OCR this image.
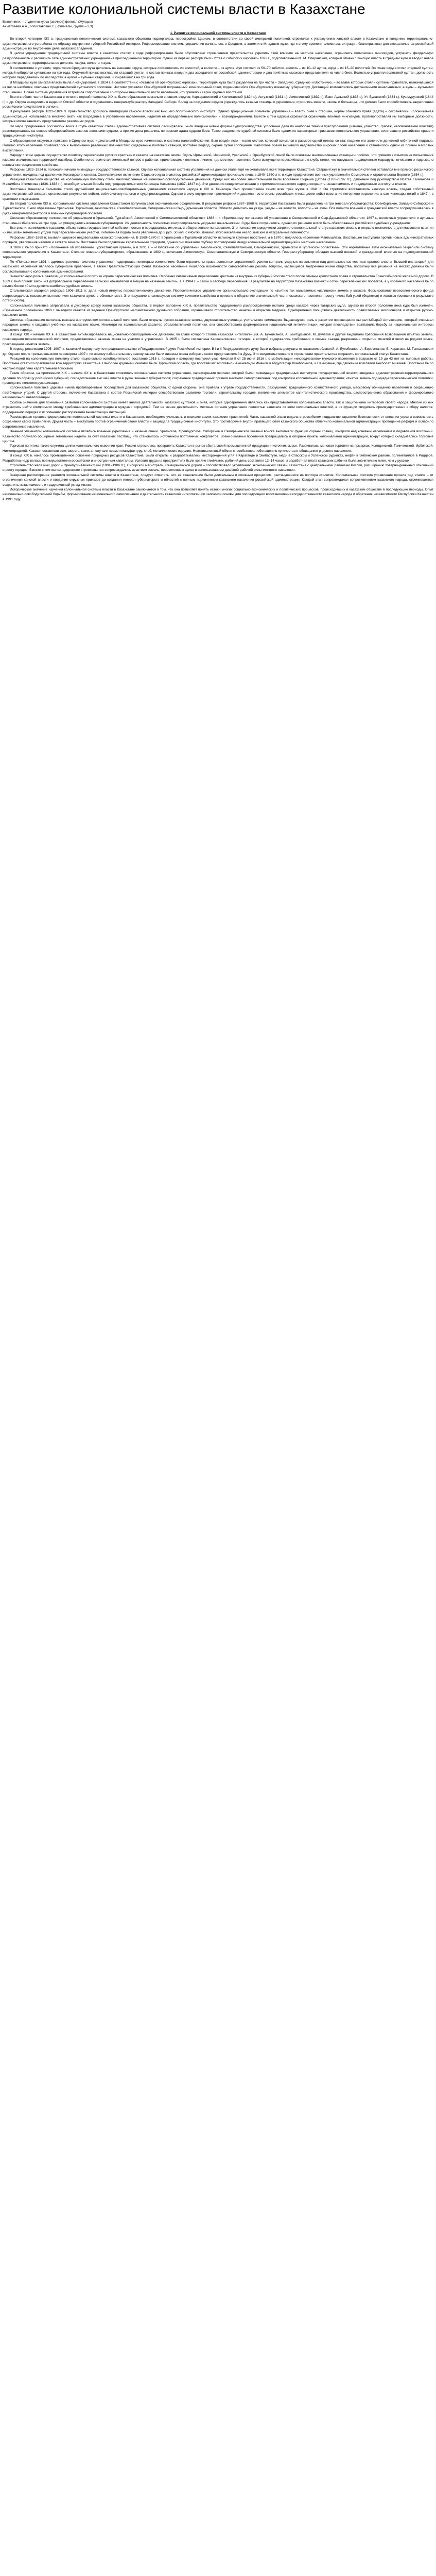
Развитие колониальной системы власти в Казахстане

Выполнили: – студентки курса (заочное) филиал (Жулдыз)

Ахметбаева А.А., сопоставлено с: ( филиалы, группа – 2,3)

1. Развитие колониальной системы власти в Казахстане

Во второй четверти XIX в. традиционная политическая система казахского общества подвергалась перестройке. Царизм, в соответствии со своей имперской политикой, стремился к упразднению ханской власти в Казахстане и введению территориально-административного устройства по образцу внутренних губерний Российской империи. Реформирование системы управления начиналось в Среднем, а затем и в Младшем жузе, где к этому времени сложилась ситуация, благоприятная для вмешательства российской администрации во внутренние дела казахских владений.

В целом упразднение традиционной системы власти в казахских степях в ходе реформирования было обусловлено стремлением правительства укрепить своё влияние на местное население, ограничить полномочия чингизидов, устранить феодальную раздробленность и расширить сеть административных учреждений на присоединённой территории. Одной из первых реформ был «Устав о сибирских киргизах» 1822 г., подготовленный М. М. Сперанским, который отменил ханскую власть в Среднем жузе и вводил новое административно-территориальное деление: округа, волости и аулы.

В соответствии с уставом, территория Среднего жуза делилась на внешние округа, которые составлялись из волостей, а волости – из аулов. Аул состоял из 50–70 кибиток, волость – из 10–12 аулов, округ – из 15–20 волостей. Во главе округа стоял старший султан, который избирался султанами на три года. Окружной приказ возглавлял старший султан, в состав приказа входили два заседателя от российской администрации и два почётных казахских представителя из числа биев. Волостью управлял волостной султан, должность которого передавалась по наследству, а аулом – аульный старшина, избиравшийся на три года.

В Младшем жузе ханская власть была ликвидирована в 1824 г. в соответствии с «Уставом об оренбургских киргизах». Территория жуза была разделена на три части – Западную, Среднюю и Восточную, – во главе которых стояли султаны-правители, назначавшиеся из числа наиболее лояльных представителей султанского сословия. Частями управлял Оренбургский пограничный комиссионный совет, подчинявшийся Оренбургскому военному губернатору. Дистанции возглавлялись дистаночными начальниками, а аулы – аульными старшинами. Новая система управления встретила сопротивление со стороны значительной части населения, что привело к серии крупных восстаний.

Всего в обоих частях Казахстана в течение первой половины XIX в. было образовано несколько внешних округов: Каркаралинский и Кокчетавский (1824 г.), Аягузский (1831 г.), Акмолинский (1832 г.), Баян-Аульский (1833 г.), Уч-Булакский (1834 г.), Кушмурунский (1844 г.) и др. Округа находились в ведении Омской области и подчинялись генерал-губернатору Западной Сибири. Вслед за созданием округов учреждались казачьи станицы и укрепления, строились мечети, школы и больницы, что должно было способствовать закреплению российского присутствия в регионе.

В результате реформ 1822–1824 гг. правительство добилось ликвидации ханской власти как высшего политического института. Однако традиционные элементы управления – власть биев и старшин, нормы обычного права (адата) – сохранялись. Колониальная администрация использовала местную знать как посредника в управлении населением, наделяя её определёнными полномочиями и вознаграждениями. Вместе с тем царизм стремился ограничить влияние чингизидов, противопоставляя им выборные должности, которые могли занимать представители различных родов.

По мере продвижения российских войск в глубь казахских степей административная система расширялась. Были введены новые формы судопроизводства: уголовные дела по наиболее тяжким преступлениям (измена, убийство, грабёж, неповиновение властям) рассматривались на основе общероссийских законов военными судами, а прочие дела решались по нормам адата судами биев. Такое разделение судебной системы было одним из характерных признаков колониального управления, сочетавшего российское право и традиционные институты.

С образованием окружных приказов в Среднем жузе и дистанций в Младшем жузе изменилась и система налогообложения. Был введён ясак – налог скотом, который взимался в размере одной головы со ста; позднее его заменили денежной кибиточной податью. Помимо этого население привлекалось к выполнению различных повинностей: содержанию почтовых станций, поставке подвод, охране путей сообщения. Налоговое бремя вызывало недовольство широких слоёв населения и становилось одной из причин массовых выступлений.

Наряду с этим царизм осуществлял политику переселения русских крестьян и казаков на казахские земли. Вдоль Иртышской, Ишимской, Уральской и Оренбургской линий были основаны многочисленные станицы и посёлки, что привело к изъятию из пользования казахов значительных территорий пастбищ. Особенно острым стал земельный вопрос в районах, прилегающих к военным линиям, где местное население было вынуждено перекочёвывать в глубь степи, что нарушало традиционные маршруты кочевания и подрывало основы скотоводческого хозяйства.

Реформы 1822–1824 гг. положили начало ликвидации государственности казахов. Однако колониальная система управления на данном этапе ещё не охватывала всей территории Казахстана: Старший жуз в значительной степени оставался вне прямого российского управления, находясь под давлением Кокандского ханства. Окончательное включение Старшего жуза в систему российской администрации произошло лишь в 1840–1860-х гг. в ходе продвижения военных укреплений к Семиречью и строительства Верного (1854 г.).

Реакцией казахского общества на колониальную политику стали многочисленные национально-освободительные движения. Среди них наиболее значительными были восстание Сырыма Датова (1783–1797 гг.), движение под руководством Исатая Тайманова и Махамбета Утемисова (1836–1838 гг.), освободительная борьба под предводительством Кенесары Касымова (1837–1847 гг.). Эти движения свидетельствовали о стремлении казахского народа сохранить независимость и традиционные институты власти.

Восстание Кенесары Касымова стало крупнейшим национально-освободительным движением казахского народа в XIX в. Кенесары был провозглашён ханом всех трёх жузов в 1841 г. Он стремился восстановить ханскую власть, создал собственный административный аппарат, организовал регулярное войско, ввёл систему налогов и судопроизводства. Однако в силу внутренних противоречий и давления со стороны российских и кокандских войск восстание потерпело поражение, а сам Кенесары погиб в 1847 г. в сражении с кыргызами.

Во второй половине XIX в. колониальная система управления Казахстаном получила своё окончательное оформление. В результате реформ 1867–1868 гг. территория Казахстана была разделена на три генерал-губернаторства: Оренбургское, Западно-Сибирское и Туркестанское. Были образованы Уральская, Тургайская, Акмолинская, Семипалатинская, Семиреченская и Сыр-Дарьинская области. Области делились на уезды, уезды – на волости, волости – на аулы. Вся полнота военной и гражданской власти сосредоточивалась в руках генерал-губернаторов и военных губернаторов областей.

Согласно «Временному положению об управлении в Уральской, Тургайской, Акмолинской и Семипалатинской областях» 1868 г. и «Временному положению об управлении в Семиреченской и Сыр-Дарьинской областях» 1867 г., волостные управители и аульные старшины избирались на три года, но утверждались военным губернатором. Их деятельность полностью контролировалась уездными начальниками. Суды биев сохранялись, однако их решения могли быть обжалованы в российских судебных учреждениях.

Все земли, занимаемые казахами, объявлялись государственной собственностью и передавались им лишь в общественное пользование. Это положение юридически закрепило колониальный статус казахских земель и открыло возможность для массового изъятия «излишков» земельных угодий под переселенческие участки. Кибиточная подать была увеличена до 3 руб. 50 коп. с кибитки, помимо этого население несло земские и натуральные повинности.

Реформы 1867–1868 гг. вызвали широкое недовольство казахского населения. В 1869–1870 гг. в Уральской и Тургайской областях вспыхнули крупные восстания, а в 1870 г. поднялось население Мангышлака. Восставшие выступали против новых административных порядков, увеличения налогов и захвата земель. Восстания были подавлены карательными отрядами, однако они показали глубину противоречий между колониальной администрацией и местным населением.

В 1886 г. было принято «Положение об управлении Туркестанским краем», а в 1891 г. – «Положение об управлении Акмолинской, Семипалатинской, Семиреченской, Уральской и Тургайской областями». Эти нормативные акты окончательно закрепили систему колониального управления в Казахстане. Степное генерал-губернаторство, образованное в 1882 г., включало Акмолинскую, Семипалатинскую и Семиреченскую области. Генерал-губернатор обладал высшей военной и гражданской властью на подведомственной территории.

По «Положению» 1891 г. административная система управления подверглась некоторым изменениям: были ограничены права волостных управителей, усилен контроль уездных начальников над деятельностью местных органов власти. Высшей инстанцией для казахского населения являлось губернское правление, а также Правительствующий Сенат. Казахское население лишалось возможности самостоятельно решать вопросы, касающиеся внутренней жизни общества, поскольку все решения на местах должны были согласовываться с колониальной администрацией.

Значительную роль в реализации колониальной политики играла переселенческая политика. Особенно интенсивным переселение крестьян из внутренних губерний России стало после отмены крепостного права и строительства Транссибирской железной дороги. В 1889 г. был принят закон «О добровольном переселении сельских обывателей и мещан на казённые земли», а в 1904 г. – закон о свободе переселения. В результате на территории Казахстана возникли сотни переселенческих посёлков, а у коренного населения было изъято более 40 млн десятин наиболее удобных земель.

Столыпинская аграрная реформа 1906–1911 гг. дала новый импульс переселенческому движению. Переселенческое управление организовывало экспедиции по изъятию так называемых «излишков» земель у казахов. Формирование переселенческого фонда сопровождалось массовым вытеснением казахских аулов с обжитых мест. Это нарушило сложившуюся систему кочевого хозяйства и привело к обеднению значительной части казахского населения, росту числа байгушей (бедняков) и жатаков (осевших в результате потери скота).

Колониальная политика затрагивала и духовную сферу жизни казахского общества. В первой половине XIX в. правительство поддерживало распространение ислама среди казахов через татарских мулл, однако во второй половине века курс был изменён. «Временное положение» 1868 г. выводило казахов из ведения Оренбургского магометанского духовного собрания, ограничивало строительство мечетей и открытие медресе. Одновременно поощрялась деятельность православных миссионеров и открытие русско-казахских школ.

Система образования являлась важным инструментом колониальной политики. Были открыты русско-казахские школы, двухклассные училища, учительские семинарии. Выдающуюся роль в развитии просвещения сыграл Ыбырай Алтынсарин, который открывал народные школы и создавал учебники на казахском языке. Несмотря на колониальный характер образовательной политики, она способствовала формированию национальной интеллигенции, которая впоследствии возглавила борьбу за национальные интересы казахского народа.

В конце XIX – начале XX в. в Казахстане активизировалось национально-освободительное движение, во главе которого стояла казахская интеллигенция. А. Букейханов, А. Байтурсынов, М. Дулатов и другие выдвигали требования возвращения изъятых земель, прекращения переселенческой политики, предоставления казахам права на участие в управлении. В 1905 г. была составлена Каркаралинская петиция, в которой содержались требования о созыве съезда, разрешении открытия мечетей и школ на родном языке, прекращении изъятия земель.

В период революции 1905–1907 гг. казахский народ получил представительство в Государственной думе Российской империи. В I и II Государственную думу были избраны депутаты от казахских областей: А. Букейханов, А. Беремжанов, Б. Каратаев, М. Тынышпаев и др. Однако после третьеиюньского переворота 1907 г. по новому избирательному закону казахи были лишены права избирать своих представителей в Думу. Это свидетельствовало о стремлении правительства сохранить колониальный статус Казахстана.

Реакцией на колониальную политику стало национально-освободительное восстание 1916 г., поводом к которому послужил указ Николая II от 25 июня 1916 г. о мобилизации «инородческого» мужского населения в возрасте от 19 до 43 лет на тыловые работы. Восстание охватило практически всю территорию Казахстана. Наиболее крупными очагами были Тургайская область, где восставших возглавили Амангельды Иманов и Абдулгафар Жанбосынов, и Семиречье, где движение возглавил Бекболат Ашекеев. Восстание было жестоко подавлено карательными войсками.

Таким образом, на протяжении XIX – начала XX в. в Казахстане сложилась колониальная система управления, характерными чертами которой были: ликвидация традиционных институтов государственной власти; введение административно-территориального деления по образцу российских губерний; сосредоточение высшей власти в руках военных губернаторов; сохранение традиционных органов местного самоуправления под контролем колониальной администрации; изъятие земель под нужды переселенческой политики; проведение политики русификации.

Колониальная политика царизма имела противоречивые последствия для казахского общества. С одной стороны, она привела к утрате государственности, разрушению традиционного хозяйственного уклада, массовому обнищанию населения и сокращению пастбищных угодий. С другой стороны, включение Казахстана в состав Российской империи способствовало развитию торговли, строительству городов, появлению элементов капиталистического производства, распространению образования и формированию национальной интеллигенции.

Особое значение для понимания развития колониальной системы имеет анализ деятельности казахских султанов и биев, которые одновременно являлись как представителями колониальной власти, так и защитниками интересов своего народа. Многие из них стремились найти компромисс между требованиями администрации и нуждами сородичей. Тем не менее деятельность местных органов управления полностью зависела от воли колониальных властей, а их функции сводились преимущественно к сбору налогов, поддержанию порядка и исполнению распоряжений вышестоящих инстанций.

Рассматривая процесс формирования колониальной системы власти в Казахстане, необходимо учитывать и позицию самих казахских правителей. Часть казахской знати видела в российском подданстве гарантию безопасности от внешних угроз и возможность сохранения своих привилегий. Другая часть – выступала против ограничения своей власти и защищала традиционные институты. Это противоречие внутри правящего слоя казахского общества облегчило колониальной администрации проведение реформ и ослабило сопротивление населения.

Важным элементом колониальной системы являлись военные укрепления и казачьи линии. Уральское, Оренбургское, Сибирское и Семиреченское казачьи войска выполняли функции охраны границ, контроля над кочевым населением и подавления восстаний. Казачество получало обширные земельные наделы за счёт казахских пастбищ, что становилось источником постоянных конфликтов. Военно-казачьи поселения превращались в опорные пункты колониальной администрации, вокруг которых складывались торговые центры.

Торговая политика также служила целям колониального освоения края. Россия стремилась превратить Казахстан в рынок сбыта своей промышленной продукции и источник сырья. Развивалась меновая торговля на ярмарках: Кояндинской, Таинчинской, Ирбитской, Нижегородской. Казахи поставляли скот, шерсть, кожи, а получали взамен мануфактуру, хлеб, металлические изделия. Неэквивалентный обмен способствовал обогащению купечества и обнищанию рядового населения.

В конце XIX в. началось промышленное освоение природных ресурсов Казахстана. Были открыты и разрабатывались месторождения угля в Караганде и Экибастузе, меди в Спасском и Успенском рудниках, нефти в Эмбинском районе, полиметаллов в Риддере. Разработка недр велась преимущественно российским и иностранным капиталом. Условия труда на предприятиях были крайне тяжёлыми, рабочий день составлял 12–14 часов, а заработная плата казахских рабочих была значительно ниже, чем у русских.

Строительство железных дорог – Оренбург–Ташкентской (1901–1906 гг.), Сибирской магистрали, Семиреченской дороги – способствовало укреплению экономических связей Казахстана с центральными районами России, расширению товарно-денежных отношений и росту городов. Вместе с тем железнодорожное строительство сопровождалось изъятием земель, переселением аулов и использованием дешёвой рабочей силы местного населения.

Завершая рассмотрение развития колониальной системы власти в Казахстане, следует отметить, что её становление было длительным и сложным процессом, растянувшимся на полтора столетия. Колониальная система управления прошла ряд этапов – от ограничения ханской власти и введения окружных приказов до создания генерал-губернаторств и областей с полным подчинением казахского населения российской администрации. Каждый этап сопровождался сопротивлением казахского народа, стремившегося сохранить независимость и традиционный уклад жизни.

Историческое значение изучения колониальной системы власти в Казахстане заключается в том, что она позволяет понять истоки многих социально-экономических и политических процессов, происходивших в казахском обществе в последующие периоды. Опыт национально-освободительной борьбы, формирование национального самосознания и деятельность казахской интеллигенции заложили основы для последующего восстановления государственности казахского народа и обретения независимости Республики Казахстан в 1991 году.
